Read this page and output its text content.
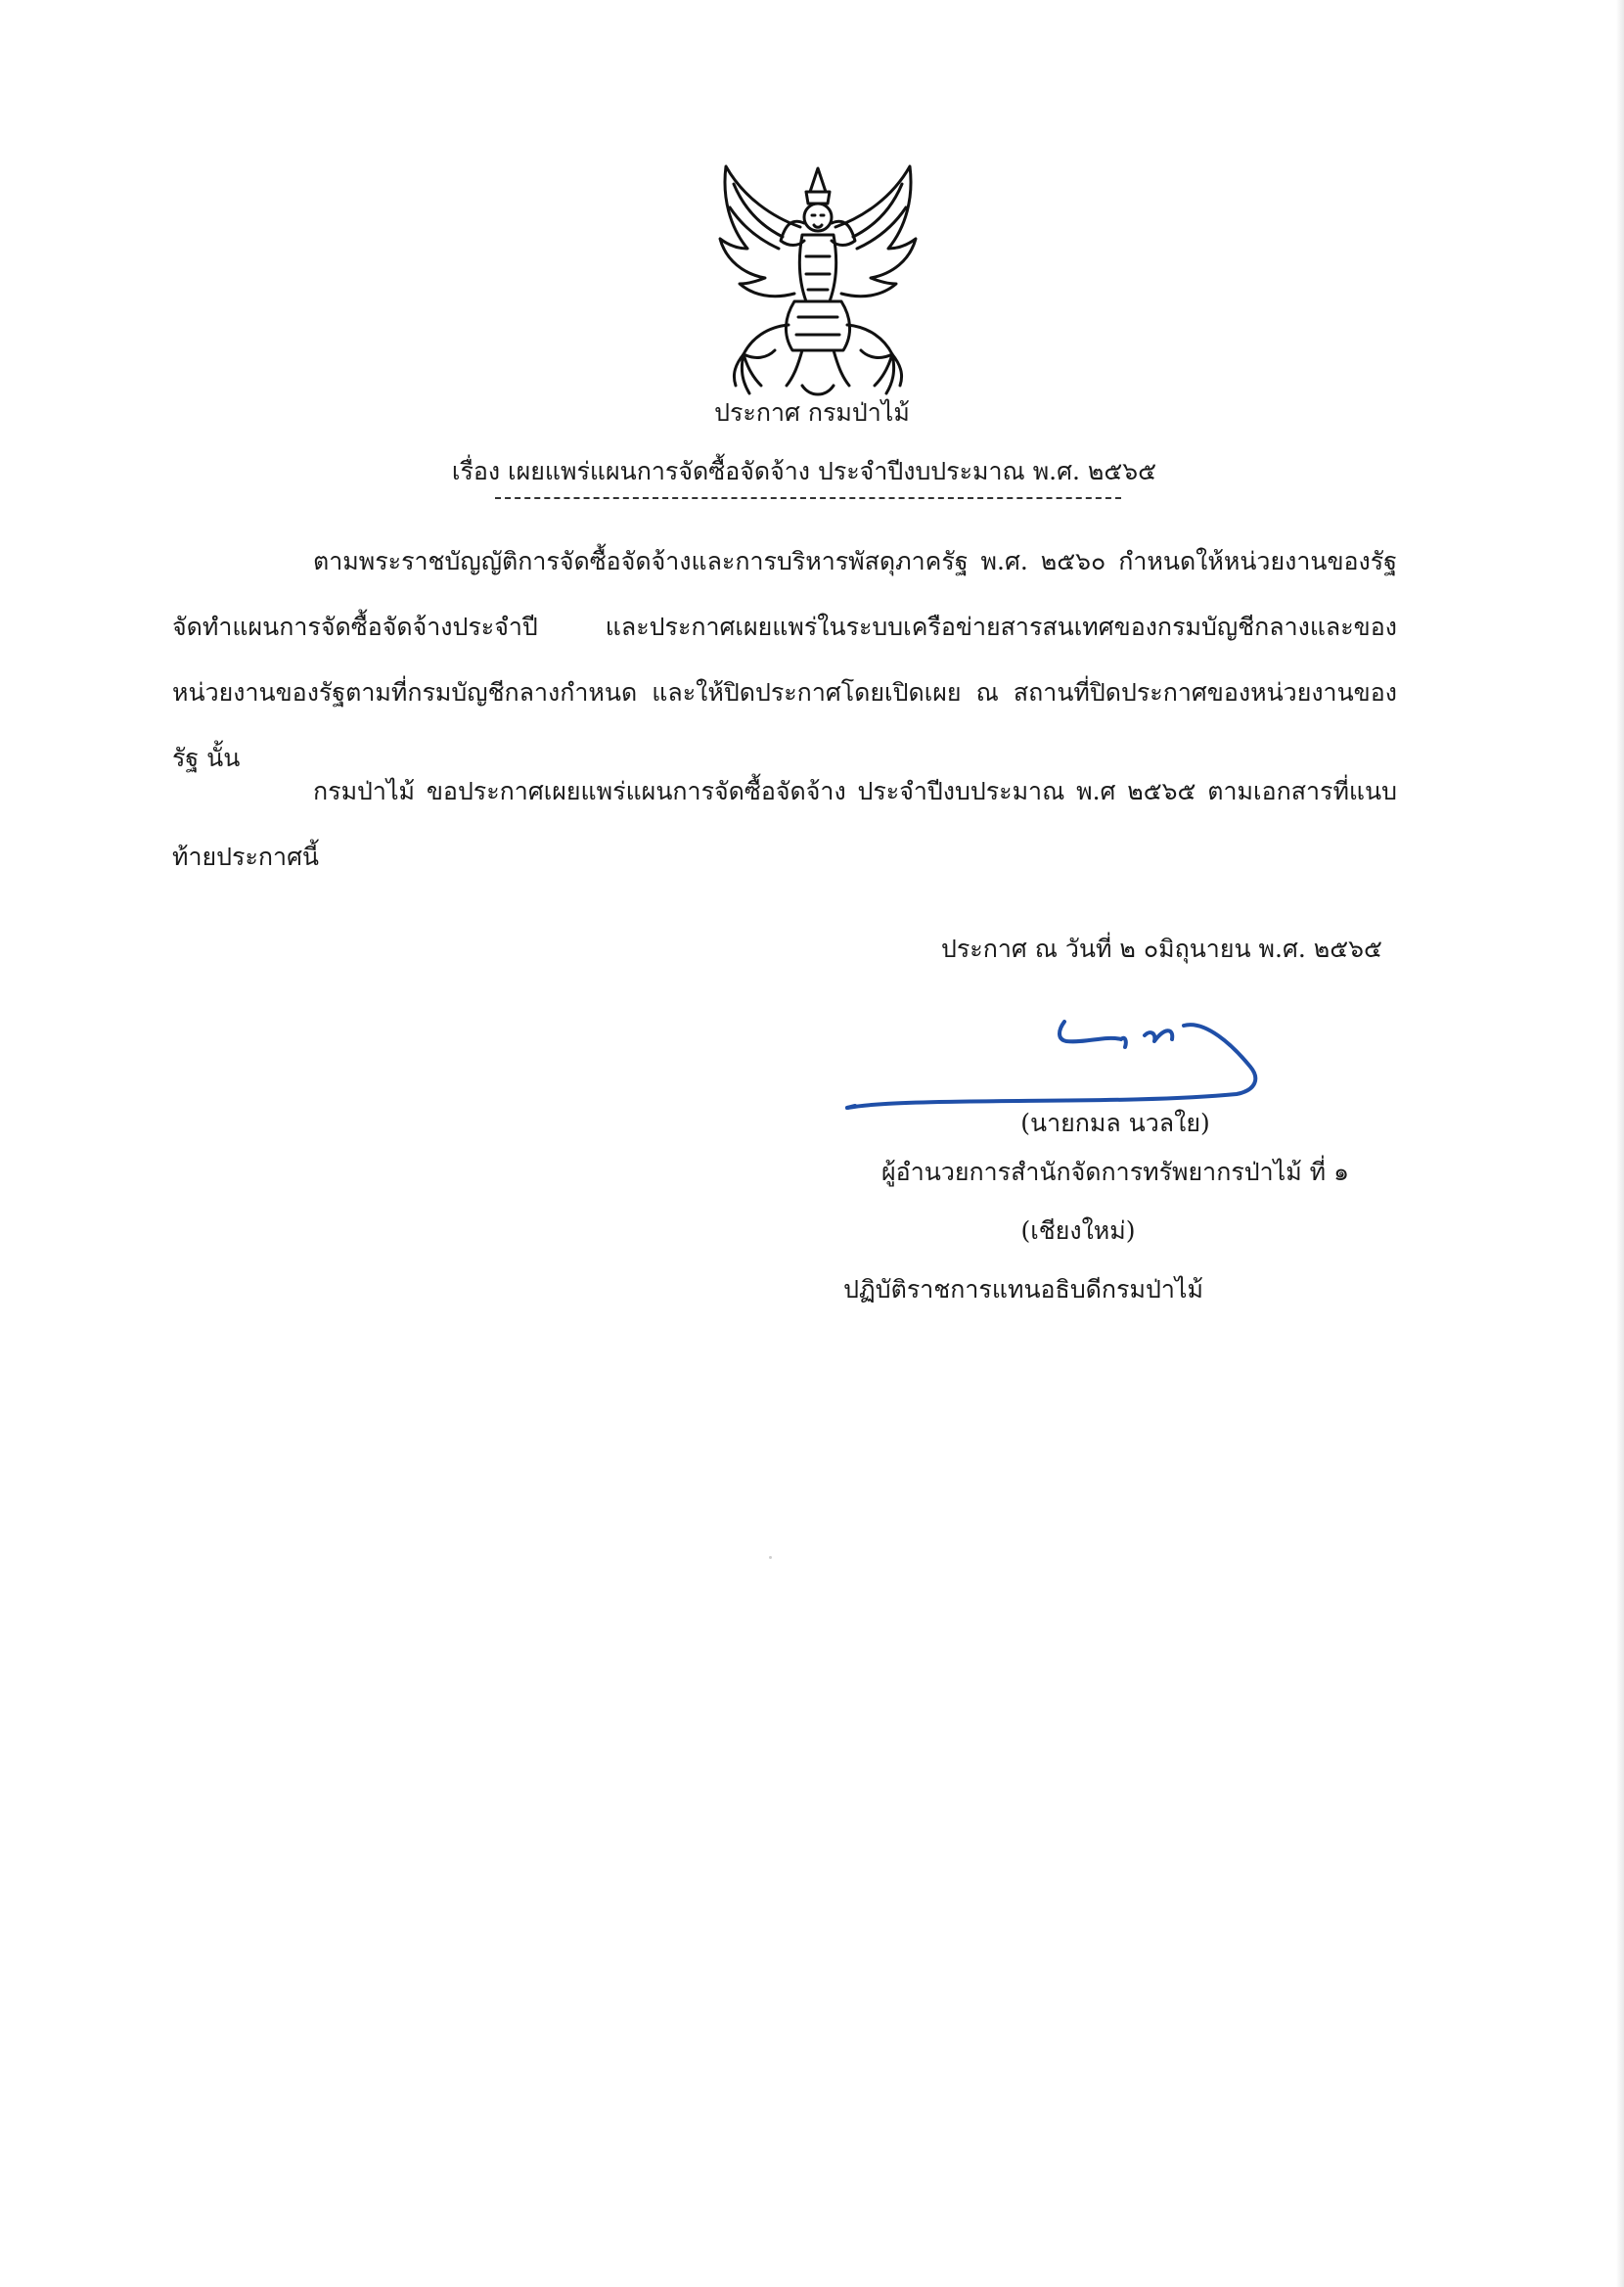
ประกาศ กรมป่าไม้
เรื่อง เผยแพร่แผนการจัดซื้อจัดจ้าง ประจำปีงบประมาณ พ.ศ. ๒๕๖๕
ตามพระราชบัญญัติการจัดซื้อจัดจ้างและการบริหารพัสดุภาครัฐ พ.ศ. ๒๕๖๐ กำหนดให้หน่วยงานของรัฐ จัดทำแผนการจัดซื้อจัดจ้างประจำปี และประกาศเผยแพร่ในระบบเครือข่ายสารสนเทศของกรมบัญชีกลางและของหน่วยงานของรัฐตามที่กรมบัญชีกลางกำหนด และให้ปิดประกาศโดยเปิดเผย ณ สถานที่ปิดประกาศของหน่วยงานของรัฐ นั้น
กรมป่าไม้ ขอประกาศเผยแพร่แผนการจัดซื้อจัดจ้าง ประจำปีงบประมาณ พ.ศ ๒๕๖๕ ตามเอกสารที่แนบท้ายประกาศนี้
ประกาศ ณ วันที่ ๒ ๐มิถุนายน พ.ศ. ๒๕๖๕
(นายกมล นวลใย)
ผู้อำนวยการสำนักจัดการทรัพยากรป่าไม้ ที่ ๑
(เชียงใหม่)
ปฏิบัติราชการแทนอธิบดีกรมป่าไม้
